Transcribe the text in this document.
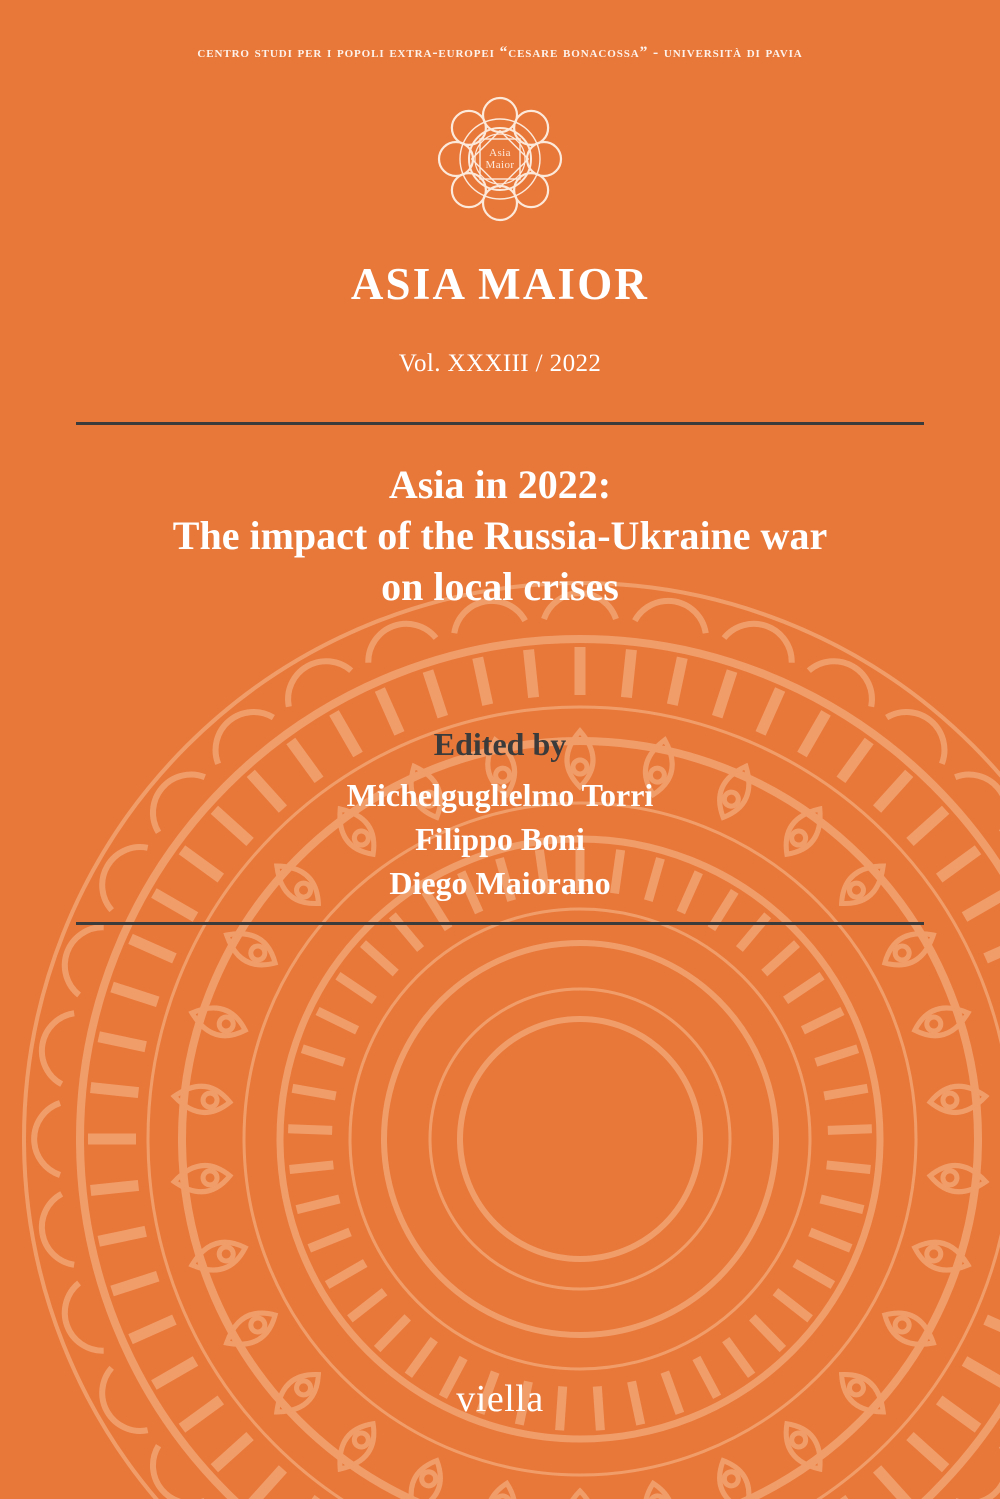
centro studi per i popoli extra-europei “cesare bonacossa” - università di pavia
Asia
Maior
ASIA MAIOR
Vol. XXXIII / 2022
Asia in 2022:
The impact of the Russia-Ukraine war
on local crises
Edited by
Michelguglielmo Torri
Filippo Boni
Diego Maiorano
viella
